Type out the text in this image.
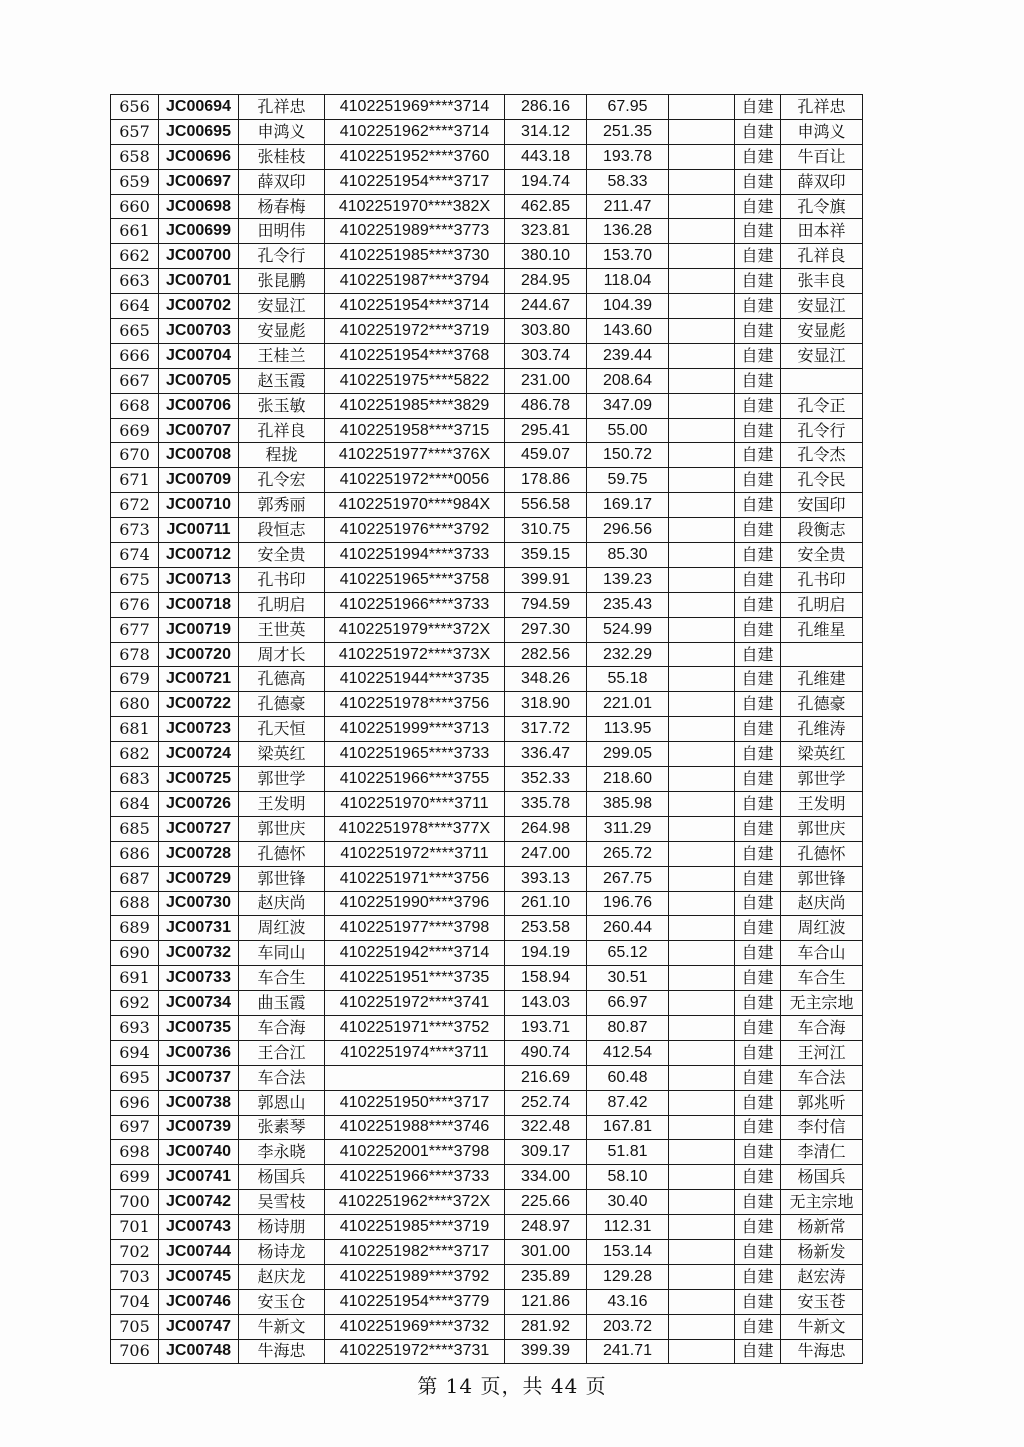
656	JC00694	孔祥忠	4102251969****3714	286.16	67.95		自建	孔祥忠
657	JC00695	申鸿义	4102251962****3714	314.12	251.35		自建	申鸿义
658	JC00696	张桂枝	4102251952****3760	443.18	193.78		自建	牛百让
659	JC00697	薛双印	4102251954****3717	194.74	58.33		自建	薛双印
660	JC00698	杨春梅	4102251970****382X	462.85	211.47		自建	孔令旗
661	JC00699	田明伟	4102251989****3773	323.81	136.28		自建	田本祥
662	JC00700	孔令行	4102251985****3730	380.10	153.70		自建	孔祥良
663	JC00701	张昆鹏	4102251987****3794	284.95	118.04		自建	张丰良
664	JC00702	安显江	4102251954****3714	244.67	104.39		自建	安显江
665	JC00703	安显彪	4102251972****3719	303.80	143.60		自建	安显彪
666	JC00704	王桂兰	4102251954****3768	303.74	239.44		自建	安显江
667	JC00705	赵玉霞	4102251975****5822	231.00	208.64		自建	
668	JC00706	张玉敏	4102251985****3829	486.78	347.09		自建	孔令正
669	JC00707	孔祥良	4102251958****3715	295.41	55.00		自建	孔令行
670	JC00708	程拢	4102251977****376X	459.07	150.72		自建	孔令杰
671	JC00709	孔令宏	4102251972****0056	178.86	59.75		自建	孔令民
672	JC00710	郭秀丽	4102251970****984X	556.58	169.17		自建	安国印
673	JC00711	段恒志	4102251976****3792	310.75	296.56		自建	段衡志
674	JC00712	安全贵	4102251994****3733	359.15	85.30		自建	安全贵
675	JC00713	孔书印	4102251965****3758	399.91	139.23		自建	孔书印
676	JC00718	孔明启	4102251966****3733	794.59	235.43		自建	孔明启
677	JC00719	王世英	4102251979****372X	297.30	524.99		自建	孔维星
678	JC00720	周才长	4102251972****373X	282.56	232.29		自建	
679	JC00721	孔德高	4102251944****3735	348.26	55.18		自建	孔维建
680	JC00722	孔德豪	4102251978****3756	318.90	221.01		自建	孔德豪
681	JC00723	孔天恒	4102251999****3713	317.72	113.95		自建	孔维涛
682	JC00724	梁英红	4102251965****3733	336.47	299.05		自建	梁英红
683	JC00725	郭世学	4102251966****3755	352.33	218.60		自建	郭世学
684	JC00726	王发明	4102251970****3711	335.78	385.98		自建	王发明
685	JC00727	郭世庆	4102251978****377X	264.98	311.29		自建	郭世庆
686	JC00728	孔德怀	4102251972****3711	247.00	265.72		自建	孔德怀
687	JC00729	郭世锋	4102251971****3756	393.13	267.75		自建	郭世锋
688	JC00730	赵庆尚	4102251990****3796	261.10	196.76		自建	赵庆尚
689	JC00731	周红波	4102251977****3798	253.58	260.44		自建	周红波
690	JC00732	车同山	4102251942****3714	194.19	65.12		自建	车合山
691	JC00733	车合生	4102251951****3735	158.94	30.51		自建	车合生
692	JC00734	曲玉霞	4102251972****3741	143.03	66.97		自建	无主宗地
693	JC00735	车合海	4102251971****3752	193.71	80.87		自建	车合海
694	JC00736	王合江	4102251974****3711	490.74	412.54		自建	王河江
695	JC00737	车合法		216.69	60.48		自建	车合法
696	JC00738	郭恩山	4102251950****3717	252.74	87.42		自建	郭兆听
697	JC00739	张素琴	4102251988****3746	322.48	167.81		自建	李付信
698	JC00740	李永晓	4102252001****3798	309.17	51.81		自建	李清仁
699	JC00741	杨国兵	4102251966****3733	334.00	58.10		自建	杨国兵
700	JC00742	吴雪枝	4102251962****372X	225.66	30.40		自建	无主宗地
701	JC00743	杨诗朋	4102251985****3719	248.97	112.31		自建	杨新常
702	JC00744	杨诗龙	4102251982****3717	301.00	153.14		自建	杨新发
703	JC00745	赵庆龙	4102251989****3792	235.89	129.28		自建	赵宏涛
704	JC00746	安玉仓	4102251954****3779	121.86	43.16		自建	安玉苍
705	JC00747	牛新文	4102251969****3732	281.92	203.72		自建	牛新文
706	JC00748	牛海忠	4102251972****3731	399.39	241.71		自建	牛海忠
第 14 页，共 44 页
